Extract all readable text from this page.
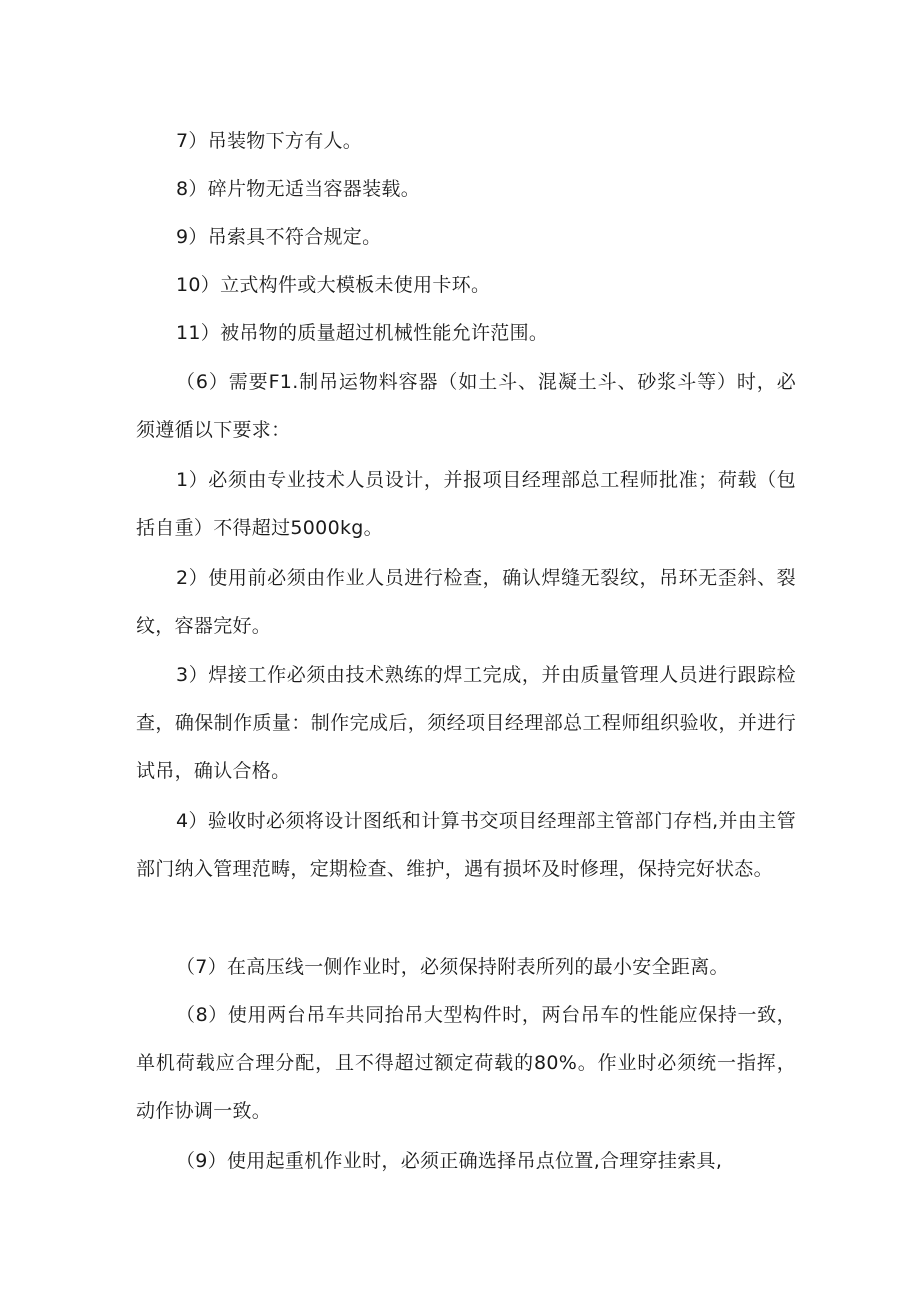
7）吊装物下方有人。

8）碎片物无适当容器装载。

9）吊索具不符合规定。

10）立式构件或大模板未使用卡环。

11）被吊物的质量超过机械性能允许范围。

（6）需要F1.制吊运物料容器（如土斗、混凝土斗、砂浆斗等）时，必须遵循以下要求：

1）必须由专业技术人员设计，并报项目经理部总工程师批准；荷载（包括自重）不得超过5000kg。

2）使用前必须由作业人员进行检查，确认焊缝无裂纹，吊环无歪斜、裂纹，容器完好。

3）焊接工作必须由技术熟练的焊工完成，并由质量管理人员进行跟踪检查，确保制作质量：制作完成后，须经项目经理部总工程师组织验收，并进行试吊，确认合格。

4）验收时必须将设计图纸和计算书交项目经理部主管部门存档,并由主管部门纳入管理范畴，定期检查、维护，遇有损坏及时修理，保持完好状态。

（7）在高压线一侧作业时，必须保持附表所列的最小安全距离。

（8）使用两台吊车共同抬吊大型构件时，两台吊车的性能应保持一致，单机荷载应合理分配，且不得超过额定荷载的80%。作业时必须统一指挥，动作协调一致。

（9）使用起重机作业时，必须正确选择吊点位置,合理穿挂索具,
